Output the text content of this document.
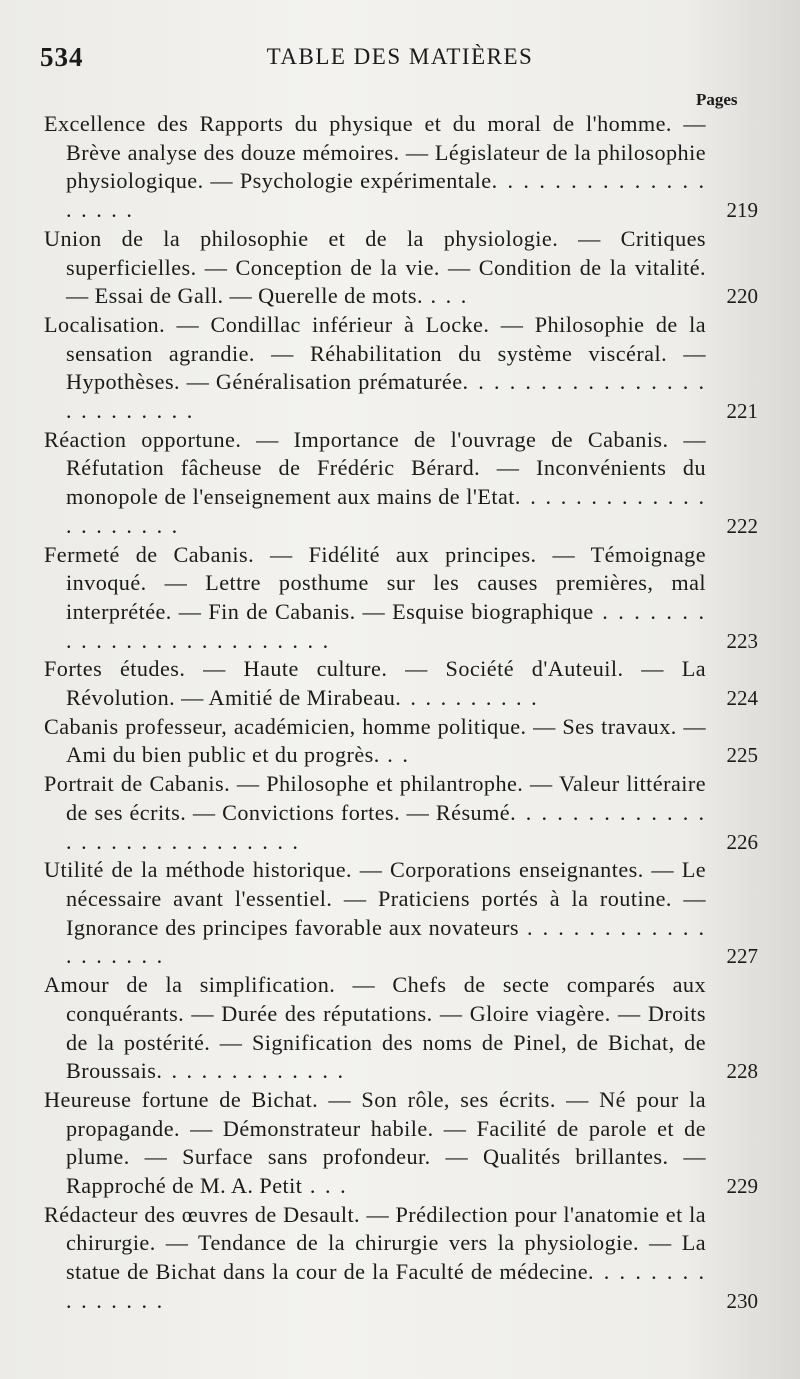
534	TABLE DES MATIÈRES
Pages
Excellence des Rapports du physique et du moral de l'homme. — Brève analyse des douze mémoires. — Législateur de la philosophie physiologique. — Psychologie expérimentale. . . . . . . . . . . . . . . . . . .	219
Union de la philosophie et de la physiologie. — Critiques superficielles. — Conception de la vie. — Condition de la vitalité. — Essai de Gall. — Querelle de mots. . . .	220
Localisation. — Condillac inférieur à Locke. — Philosophie de la sensation agrandie. — Réhabilitation du système viscéral. — Hypothèses. — Généralisation prématurée. . . . . . . . . . . . . . . . . . . . . . . . .	221
Réaction opportune. — Importance de l'ouvrage de Cabanis. — Réfutation fâcheuse de Frédéric Bérard. — Inconvénients du monopole de l'enseignement aux mains de l'Etat. . . . . . . . . . . . . . . . . . . . .	222
Fermeté de Cabanis. — Fidélité aux principes. — Témoignage invoqué. — Lettre posthume sur les causes premières, mal interprétée. — Fin de Cabanis. — Esquise biographique . . . . . . . . . . . . . . . . . . . . . . . . .	223
Fortes études. — Haute culture. — Société d'Auteuil. — La Révolution. — Amitié de Mirabeau. . . . . . . . . .	224
Cabanis professeur, académicien, homme politique. — Ses travaux. — Ami du bien public et du progrès. . .	225
Portrait de Cabanis. — Philosophe et philantrophe. — Valeur littéraire de ses écrits. — Convictions fortes. — Résumé. . . . . . . . . . . . . . . . . . . . . . . . . . . . .	226
Utilité de la méthode historique. — Corporations enseignantes. — Le nécessaire avant l'essentiel. — Praticiens portés à la routine. — Ignorance des principes favorable aux novateurs . . . . . . . . . . . . . . . . . . .	227
Amour de la simplification. — Chefs de secte comparés aux conquérants. — Durée des réputations. — Gloire viagère. — Droits de la postérité. — Signification des noms de Pinel, de Bichat, de Broussais. . . . . . . . . . . . .	228
Heureuse fortune de Bichat. — Son rôle, ses écrits. — Né pour la propagande. — Démonstrateur habile. — Facilité de parole et de plume. — Surface sans profondeur. — Qualités brillantes. — Rapproché de M. A. Petit . . .	229
Rédacteur des œuvres de Desault. — Prédilection pour l'anatomie et la chirurgie. — Tendance de la chirurgie vers la physiologie. — La statue de Bichat dans la cour de la Faculté de médecine. . . . . . . . . . . . . . .	230
